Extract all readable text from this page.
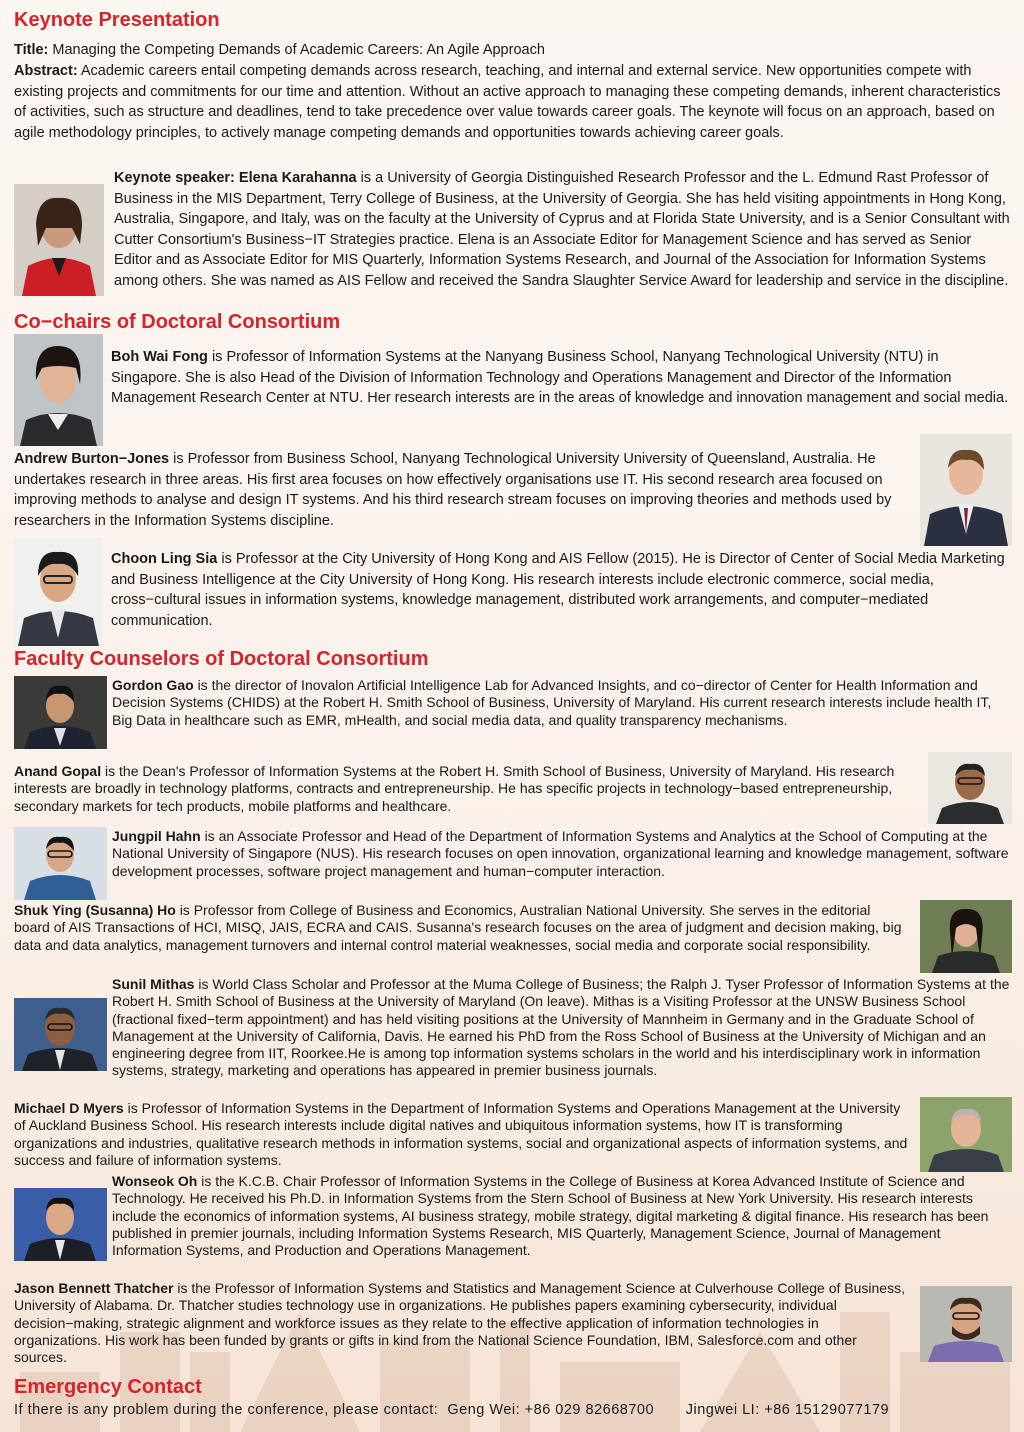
Keynote Presentation
Title: Managing the Competing Demands of Academic Careers: An Agile Approach
Abstract: Academic careers entail competing demands across research, teaching, and internal and external service. New opportunities compete with existing projects and commitments for our time and attention. Without an active approach to managing these competing demands, inherent characteristics of activities, such as structure and deadlines, tend to take precedence over value towards career goals. The keynote will focus on an approach, based on agile methodology principles, to actively manage competing demands and opportunities towards achieving career goals.
Keynote speaker: Elena Karahanna is a University of Georgia Distinguished Research Professor and the L. Edmund Rast Professor of Business in the MIS Department, Terry College of Business, at the University of Georgia. She has held visiting appointments in Hong Kong, Australia, Singapore, and Italy, was on the faculty at the University of Cyprus and at Florida State University, and is a Senior Consultant with Cutter Consortium's Business−IT Strategies practice. Elena is an Associate Editor for Management Science and has served as Senior Editor and as Associate Editor for MIS Quarterly, Information Systems Research, and Journal of the Association for Information Systems among others. She was named as AIS Fellow and received the Sandra Slaughter Service Award for leadership and service in the discipline.
Co−chairs of Doctoral Consortium
Boh Wai Fong is Professor of Information Systems at the Nanyang Business School, Nanyang Technological University (NTU) in Singapore. She is also Head of the Division of Information Technology and Operations Management and Director of the Information Management Research Center at NTU. Her research interests are in the areas of knowledge and innovation management and social media.
Andrew Burton−Jones is Professor from Business School, Nanyang Technological University University of Queensland, Australia. He undertakes research in three areas. His first area focuses on how effectively organisations use IT. His second research area focused on improving methods to analyse and design IT systems. And his third research stream focuses on improving theories and methods used by researchers in the Information Systems discipline.
Choon Ling Sia is Professor at the City University of Hong Kong and AIS Fellow (2015). He is Director of Center of Social Media Marketing and Business Intelligence at the City University of Hong Kong. His research interests include electronic commerce, social media, cross−cultural issues in information systems, knowledge management, distributed work arrangements, and computer−mediated communication.
Faculty Counselors of Doctoral Consortium
Gordon Gao is the director of Inovalon Artificial Intelligence Lab for Advanced Insights, and co−director of Center for Health Information and Decision Systems (CHIDS) at the Robert H. Smith School of Business, University of Maryland. His current research interests include health IT, Big Data in healthcare such as EMR, mHealth, and social media data, and quality transparency mechanisms.
Anand Gopal is the Dean's Professor of Information Systems at the Robert H. Smith School of Business, University of Maryland. His research interests are broadly in technology platforms, contracts and entrepreneurship. He has specific projects in technology−based entrepreneurship, secondary markets for tech products, mobile platforms and healthcare.
Jungpil Hahn is an Associate Professor and Head of the Department of Information Systems and Analytics at the School of Computing at the National University of Singapore (NUS). His research focuses on open innovation, organizational learning and knowledge management, software development processes, software project management and human−computer interaction.
Shuk Ying (Susanna) Ho is Professor from College of Business and Economics, Australian National University. She serves in the editorial board of AIS Transactions of HCI, MISQ, JAIS, ECRA and CAIS. Susanna's research focuses on the area of judgment and decision making, big data and data analytics, management turnovers and internal control material weaknesses, social media and corporate social responsibility.
Sunil Mithas is World Class Scholar and Professor at the Muma College of Business; the Ralph J. Tyser Professor of Information Systems at the Robert H. Smith School of Business at the University of Maryland (On leave). Mithas is a Visiting Professor at the UNSW Business School (fractional fixed−term appointment) and has held visiting positions at the University of Mannheim in Germany and in the Graduate School of Management at the University of California, Davis. He earned his PhD from the Ross School of Business at the University of Michigan and an engineering degree from IIT, Roorkee.He is among top information systems scholars in the world and his interdisciplinary work in information systems, strategy, marketing and operations has appeared in premier business journals.
Michael D Myers is Professor of Information Systems in the Department of Information Systems and Operations Management at the University of Auckland Business School. His research interests include digital natives and ubiquitous information systems, how IT is transforming organizations and industries, qualitative research methods in information systems, social and organizational aspects of information systems, and success and failure of information systems.
Wonseok Oh is the K.C.B. Chair Professor of Information Systems in the College of Business at Korea Advanced Institute of Science and Technology. He received his Ph.D. in Information Systems from the Stern School of Business at New York University. His research interests include the economics of information systems, AI business strategy, mobile strategy, digital marketing & digital finance. His research has been published in premier journals, including Information Systems Research, MIS Quarterly, Management Science, Journal of Management Information Systems, and Production and Operations Management.
Jason Bennett Thatcher is the Professor of Information Systems and Statistics and Management Science at Culverhouse College of Business, University of Alabama. Dr. Thatcher studies technology use in organizations. He publishes papers examining cybersecurity, individual decision−making, strategic alignment and workforce issues as they relate to the effective application of information technologies in organizations. His work has been funded by grants or gifts in kind from the National Science Foundation, IBM, Salesforce.com and other sources.
Emergency Contact
If there is any problem during the conference, please contact:  Geng Wei: +86 029 82668700 Jingwei LI: +86 15129077179
